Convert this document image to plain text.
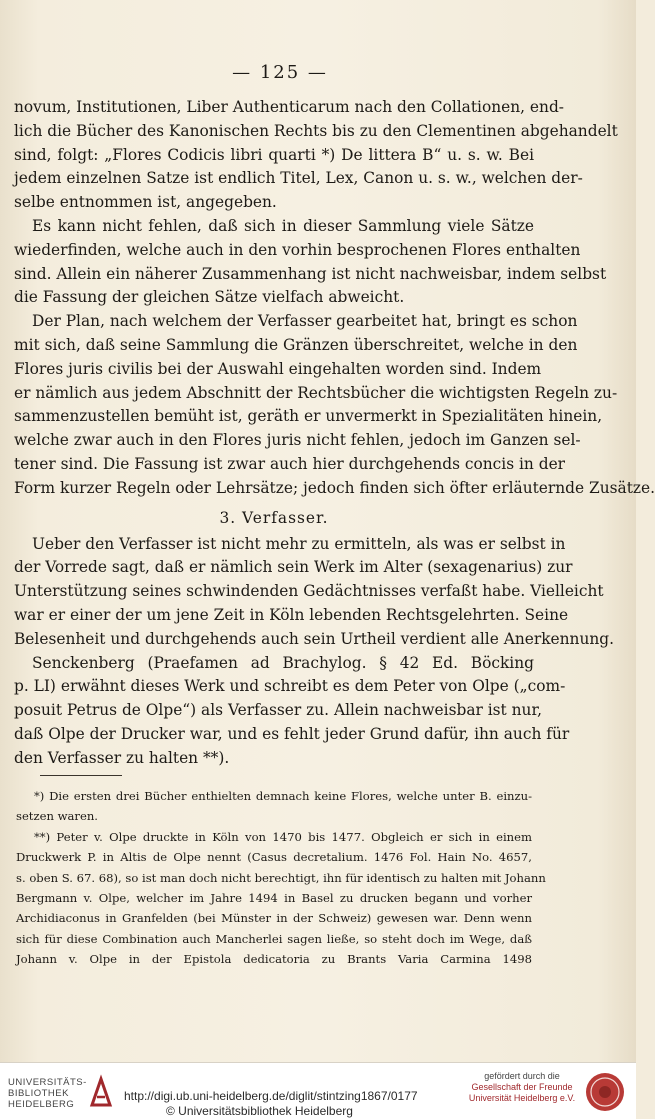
— 125 —
novum, Institutionen, Liber Authenticarum nach den Collationen, end-
lich die Bücher des Kanonischen Rechts bis zu den Clementinen abgehandelt
sind, folgt: „Flores Codicis libri quarti *) De littera B“ u. s. w. Bei
jedem einzelnen Satze ist endlich Titel, Lex, Canon u. s. w., welchen der-
selbe entnommen ist, angegeben.
Es kann nicht fehlen, daß sich in dieser Sammlung viele Sätze
wiederfinden, welche auch in den vorhin besprochenen Flores enthalten
sind. Allein ein näherer Zusammenhang ist nicht nachweisbar, indem selbst
die Fassung der gleichen Sätze vielfach abweicht.
Der Plan, nach welchem der Verfasser gearbeitet hat, bringt es schon
mit sich, daß seine Sammlung die Gränzen überschreitet, welche in den
Flores juris civilis bei der Auswahl eingehalten worden sind. Indem
er nämlich aus jedem Abschnitt der Rechtsbücher die wichtigsten Regeln zu-
sammenzustellen bemüht ist, geräth er unvermerkt in Spezialitäten hinein,
welche zwar auch in den Flores juris nicht fehlen, jedoch im Ganzen sel-
tener sind. Die Fassung ist zwar auch hier durchgehends concis in der
Form kurzer Regeln oder Lehrsätze; jedoch finden sich öfter erläuternde Zusätze.
3. Verfasser.
Ueber den Verfasser ist nicht mehr zu ermitteln, als was er selbst in
der Vorrede sagt, daß er nämlich sein Werk im Alter (sexagenarius) zur
Unterstützung seines schwindenden Gedächtnisses verfaßt habe. Vielleicht
war er einer der um jene Zeit in Köln lebenden Rechtsgelehrten. Seine
Belesenheit und durchgehends auch sein Urtheil verdient alle Anerkennung.
Senckenberg (Praefamen ad Brachylog. § 42 Ed. Böcking
p. LI) erwähnt dieses Werk und schreibt es dem Peter von Olpe („com-
posuit Petrus de Olpe“) als Verfasser zu. Allein nachweisbar ist nur,
daß Olpe der Drucker war, und es fehlt jeder Grund dafür, ihn auch für
den Verfasser zu halten **).
*) Die ersten drei Bücher enthielten demnach keine Flores, welche unter B. einzu-
setzen waren.
**) Peter v. Olpe druckte in Köln von 1470 bis 1477. Obgleich er sich in einem
Druckwerk P. in Altis de Olpe nennt (Casus decretalium. 1476 Fol. Hain No. 4657,
s. oben S. 67. 68), so ist man doch nicht berechtigt, ihn für identisch zu halten mit Johann
Bergmann v. Olpe, welcher im Jahre 1494 in Basel zu drucken begann und vorher
Archidiaconus in Granfelden (bei Münster in der Schweiz) gewesen war. Denn wenn
sich für diese Combination auch Mancherlei sagen ließe, so steht doch im Wege, daß
Johann v. Olpe in der Epistola dedicatoria zu Brants Varia Carmina 1498
UNIVERSITÄTS-
BIBLIOTHEK
HEIDELBERG
http://digi.ub.uni-heidelberg.de/diglit/stintzing1867/0177
© Universitätsbibliothek Heidelberg
gefördert durch die
Gesellschaft der Freunde
Universität Heidelberg e.V.
